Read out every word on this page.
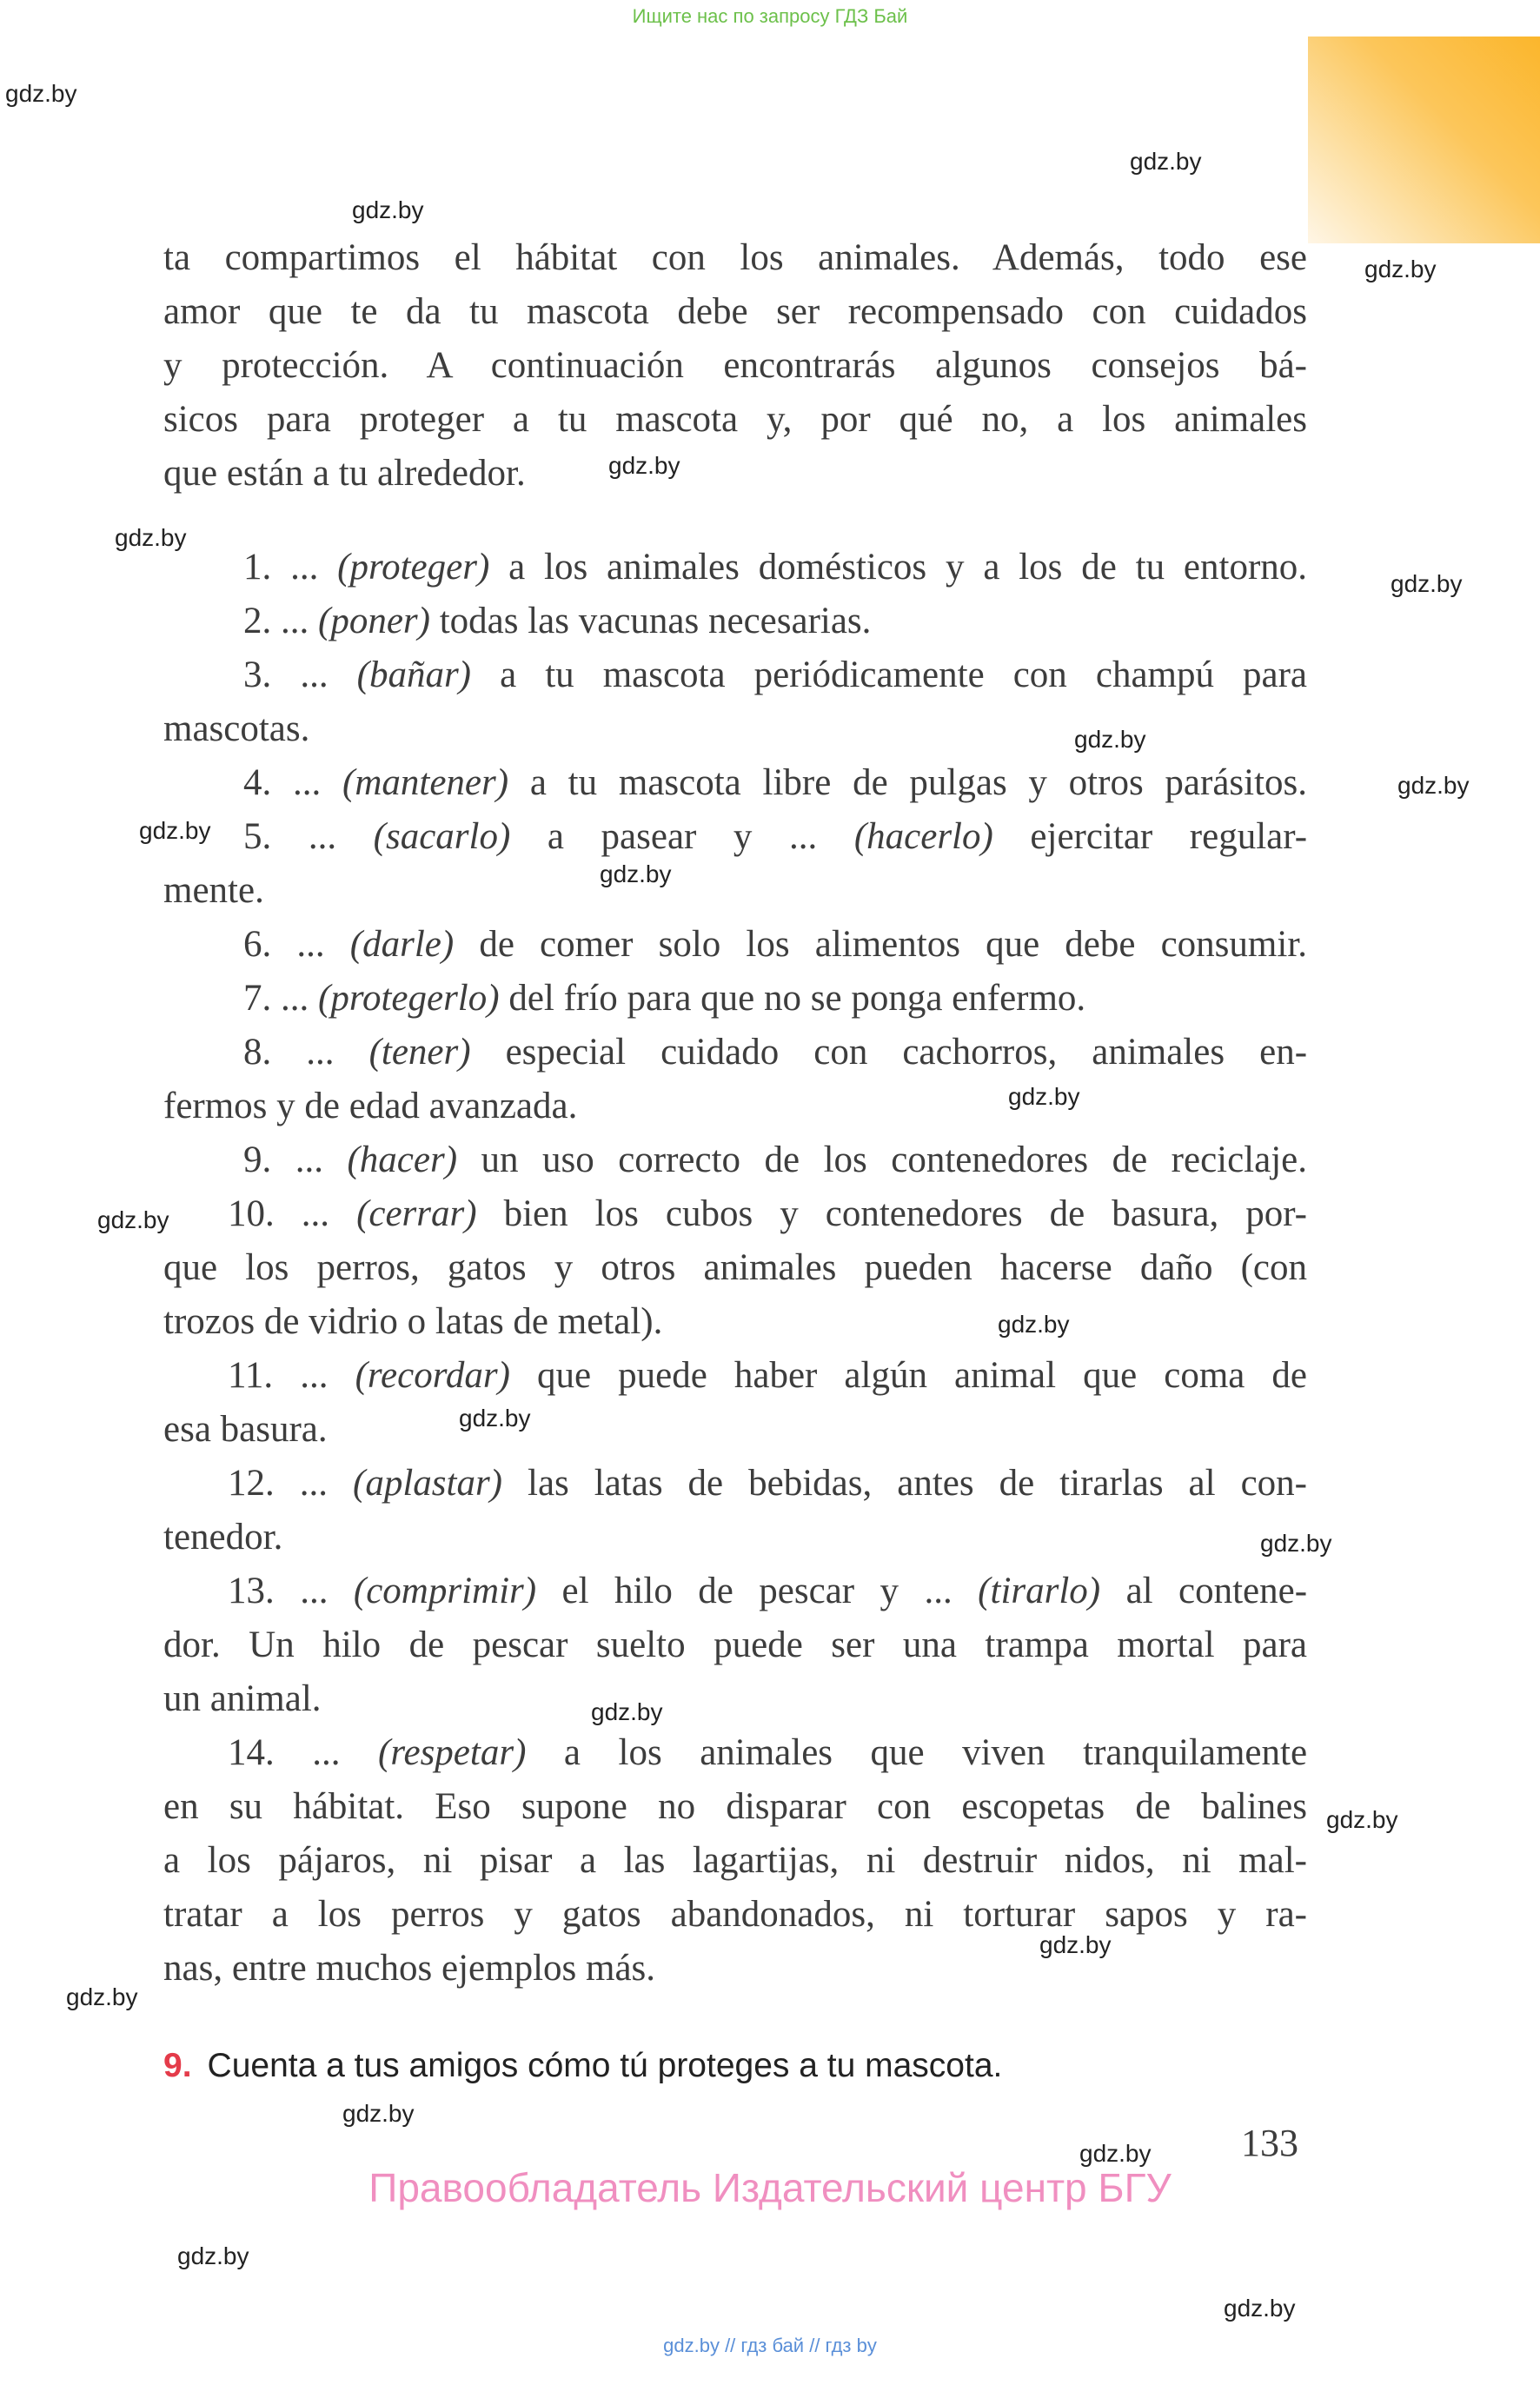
Ищите нас по запросу ГДЗ Бай
gdz.by
gdz.by
gdz.by
gdz.by
gdz.by
gdz.by
gdz.by
gdz.by
gdz.by
gdz.by
gdz.by
gdz.by
gdz.by
gdz.by
gdz.by
gdz.by
gdz.by
gdz.by
gdz.by
gdz.by
gdz.by
gdz.by
gdz.by
gdz.by
ta compartimos el hábitat con los animales. Además, todo ese
amor que te da tu mascota debe ser recompensado con cuidados
y protección. A continuación encontrarás algunos consejos bá-
sicos para proteger a tu mascota y, por qué no, a los animales
que están a tu alrededor.
1. ... (proteger) a los animales domésticos y a los de tu entorno.
2. ... (poner) todas las vacunas necesarias.
3. ... (bañar) a tu mascota periódicamente con champú para
mascotas.
4. ... (mantener) a tu mascota libre de pulgas y otros parásitos.
5. ... (sacarlo) a pasear y ... (hacerlo) ejercitar regular-
mente.
6. ... (darle) de comer solo los alimentos que debe consumir.
7. ... (protegerlo) del frío para que no se ponga enfermo.
8. ... (tener) especial cuidado con cachorros, animales en-
fermos y de edad avanzada.
9. ... (hacer) un uso correcto de los contenedores de reciclaje.
10. ... (cerrar) bien los cubos y contenedores de basura, por-
que los perros, gatos y otros animales pueden hacerse daño (con
trozos de vidrio o latas de metal).
11. ... (recordar) que puede haber algún animal que coma de
esa basura.
12. ... (aplastar) las latas de bebidas, antes de tirarlas al con-
tenedor.
13. ... (comprimir) el hilo de pescar y ... (tirarlo) al contene-
dor. Un hilo de pescar suelto puede ser una trampa mortal para
un animal.
14. ... (respetar) a los animales que viven tranquilamente
en su hábitat. Eso supone no disparar con escopetas de balines
a los pájaros, ni pisar a las lagartijas, ni destruir nidos, ni mal-
tratar a los perros y gatos abandonados, ni torturar sapos y ra-
nas, entre muchos ejemplos más.
9. Cuenta a tus amigos cómo tú proteges a tu mascota.
133
Правообладатель Издательский центр БГУ
gdz.by // гдз бай // гдз by
